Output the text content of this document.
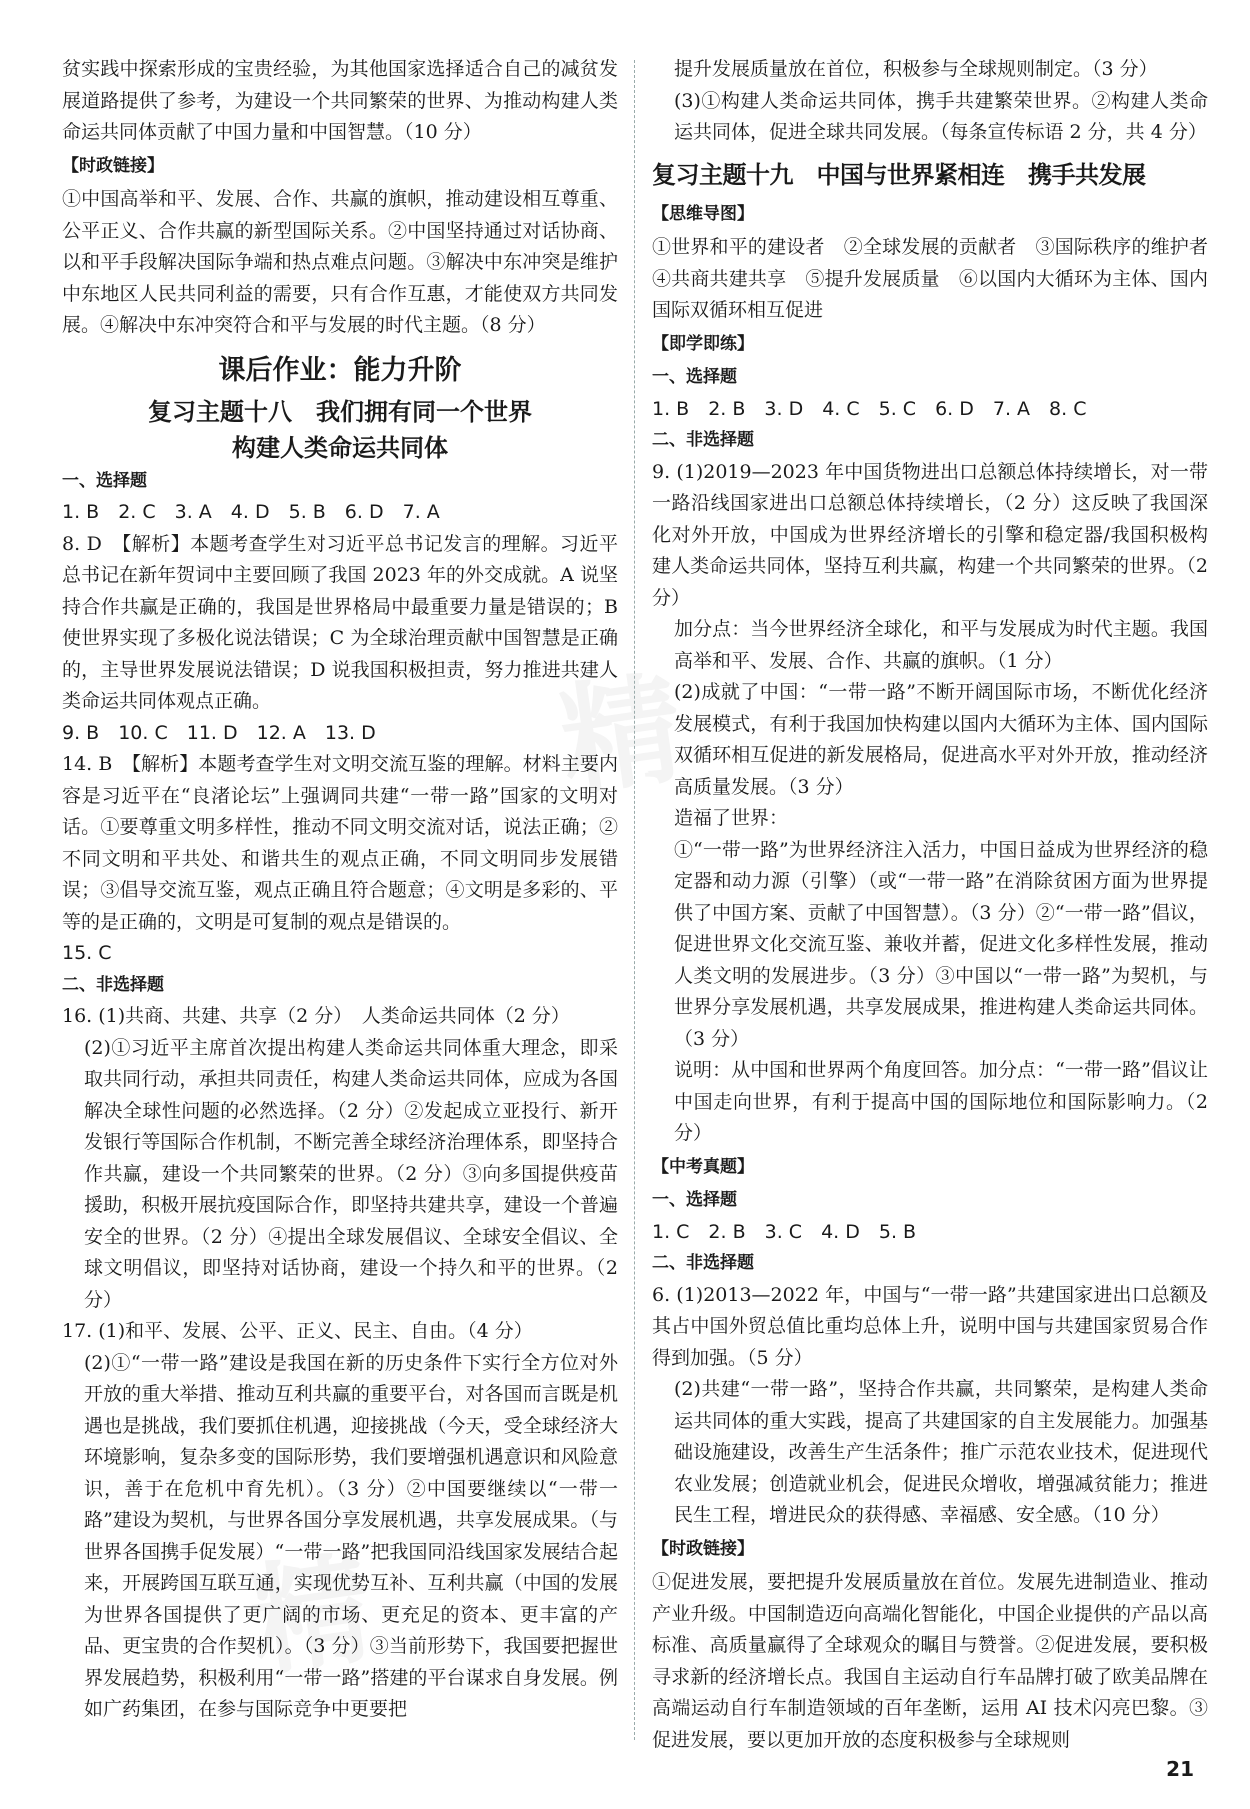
精
精

贫实践中探索形成的宝贵经验，为其他国家选择适合自己的减贫发展道路提供了参考，为建设一个共同繁荣的世界、为推动构建人类命运共同体贡献了中国力量和中国智慧。（10 分）

【时政链接】

①中国高举和平、发展、合作、共赢的旗帜，推动建设相互尊重、公平正义、合作共赢的新型国际关系。②中国坚持通过对话协商、以和平手段解决国际争端和热点难点问题。③解决中东冲突是维护中东地区人民共同利益的需要，只有合作互惠，才能使双方共同发展。④解决中东冲突符合和平与发展的时代主题。（8 分）

课后作业：能力升阶
复习主题十八　我们拥有同一个世界
构建人类命运共同体
一、选择题
1. B　2. C　3. A　4. D　5. B　6. D　7. A

8. D　【解析】本题考查学生对习近平总书记发言的理解。习近平总书记在新年贺词中主要回顾了我国 2023 年的外交成就。A 说坚持合作共赢是正确的，我国是世界格局中最重要力量是错误的；B 使世界实现了多极化说法错误；C 为全球治理贡献中国智慧是正确的，主导世界发展说法错误；D 说我国积极担责，努力推进共建人类命运共同体观点正确。

9. B　10. C　11. D　12. A　13. D

14. B　【解析】本题考查学生对文明交流互鉴的理解。材料主要内容是习近平在“良渚论坛”上强调同共建“一带一路”国家的文明对话。①要尊重文明多样性，推动不同文明交流对话，说法正确；②不同文明和平共处、和谐共生的观点正确，不同文明同步发展错误；③倡导交流互鉴，观点正确且符合题意；④文明是多彩的、平等的是正确的，文明是可复制的观点是错误的。

15. C
二、非选择题

16. (1)共商、共建、共享（2 分）　人类命运共同体（2 分）

(2)①习近平主席首次提出构建人类命运共同体重大理念，即采取共同行动，承担共同责任，构建人类命运共同体，应成为各国解决全球性问题的必然选择。（2 分）②发起成立亚投行、新开发银行等国际合作机制，不断完善全球经济治理体系，即坚持合作共赢，建设一个共同繁荣的世界。（2 分）③向多国提供疫苗援助，积极开展抗疫国际合作，即坚持共建共享，建设一个普遍安全的世界。（2 分）④提出全球发展倡议、全球安全倡议、全球文明倡议，即坚持对话协商，建设一个持久和平的世界。（2 分）

17. (1)和平、发展、公平、正义、民主、自由。（4 分）

(2)①“一带一路”建设是我国在新的历史条件下实行全方位对外开放的重大举措、推动互利共赢的重要平台，对各国而言既是机遇也是挑战，我们要抓住机遇，迎接挑战（今天，受全球经济大环境影响，复杂多变的国际形势，我们要增强机遇意识和风险意识，善于在危机中育先机）。（3 分）②中国要继续以“一带一路”建设为契机，与世界各国分享发展机遇，共享发展成果。（与世界各国携手促发展）“一带一路”把我国同沿线国家发展结合起来，开展跨国互联互通，实现优势互补、互利共赢（中国的发展为世界各国提供了更广阔的市场、更充足的资本、更丰富的产品、更宝贵的合作契机）。（3 分）③当前形势下，我国要把握世界发展趋势，积极利用“一带一路”搭建的平台谋求自身发展。例如广药集团，在参与国际竞争中更要把

提升发展质量放在首位，积极参与全球规则制定。（3 分）

(3)①构建人类命运共同体，携手共建繁荣世界。②构建人类命运共同体，促进全球共同发展。（每条宣传标语 2 分，共 4 分）

复习主题十九　中国与世界紧相连　携手共发展
【思维导图】

①世界和平的建设者　②全球发展的贡献者　③国际秩序的维护者　④共商共建共享　⑤提升发展质量　⑥以国内大循环为主体、国内国际双循环相互促进

【即学即练】
一、选择题
1. B　2. B　3. D　4. C　5. C　6. D　7. A　8. C
二、非选择题

9. (1)2019—2023 年中国货物进出口总额总体持续增长，对一带一路沿线国家进出口总额总体持续增长，（2 分）这反映了我国深化对外开放，中国成为世界经济增长的引擎和稳定器/我国积极构建人类命运共同体，坚持互利共赢，构建一个共同繁荣的世界。（2 分）

加分点：当今世界经济全球化，和平与发展成为时代主题。我国高举和平、发展、合作、共赢的旗帜。（1 分）

(2)成就了中国：“一带一路”不断开阔国际市场，不断优化经济发展模式，有利于我国加快构建以国内大循环为主体、国内国际双循环相互促进的新发展格局，促进高水平对外开放，推动经济高质量发展。（3 分）

造福了世界：

①“一带一路”为世界经济注入活力，中国日益成为世界经济的稳定器和动力源（引擎）（或“一带一路”在消除贫困方面为世界提供了中国方案、贡献了中国智慧）。（3 分）②“一带一路”倡议，促进世界文化交流互鉴、兼收并蓄，促进文化多样性发展，推动人类文明的发展进步。（3 分）③中国以“一带一路”为契机，与世界分享发展机遇，共享发展成果，推进构建人类命运共同体。（3 分）

说明：从中国和世界两个角度回答。加分点：“一带一路”倡议让中国走向世界，有利于提高中国的国际地位和国际影响力。（2 分）

【中考真题】
一、选择题
1. C　2. B　3. C　4. D　5. B
二、非选择题

6. (1)2013—2022 年，中国与“一带一路”共建国家进出口总额及其占中国外贸总值比重均总体上升，说明中国与共建国家贸易合作得到加强。（5 分）

(2)共建“一带一路”，坚持合作共赢，共同繁荣，是构建人类命运共同体的重大实践，提高了共建国家的自主发展能力。加强基础设施建设，改善生产生活条件；推广示范农业技术，促进现代农业发展；创造就业机会，促进民众增收，增强减贫能力；推进民生工程，增进民众的获得感、幸福感、安全感。（10 分）

【时政链接】

①促进发展，要把提升发展质量放在首位。发展先进制造业、推动产业升级。中国制造迈向高端化智能化，中国企业提供的产品以高标准、高质量赢得了全球观众的瞩目与赞誉。②促进发展，要积极寻求新的经济增长点。我国自主运动自行车品牌打破了欧美品牌在高端运动自行车制造领域的百年垄断，运用 AI 技术闪亮巴黎。③促进发展，要以更加开放的态度积极参与全球规则

21
